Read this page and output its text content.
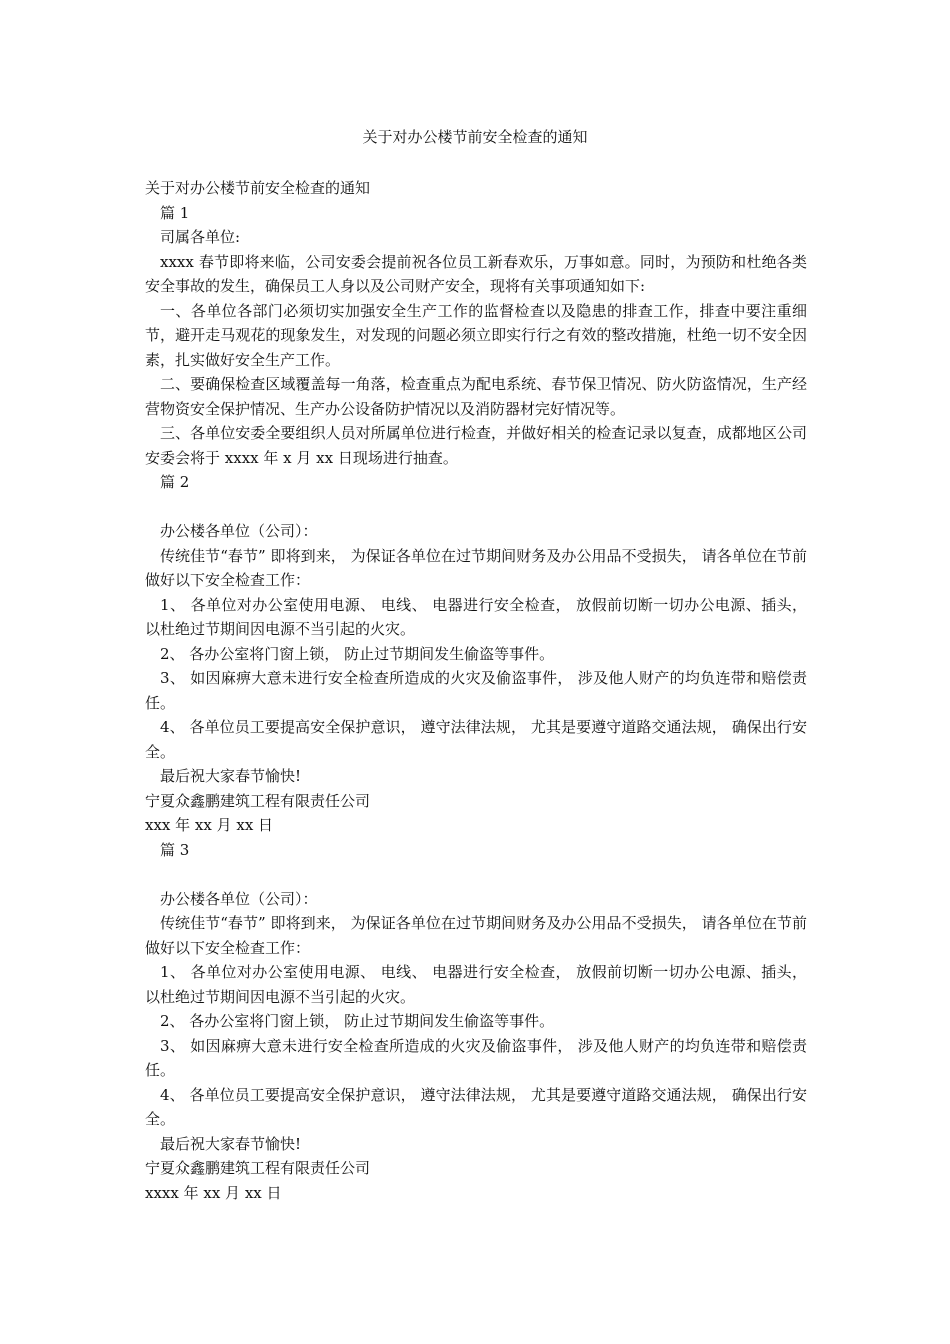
关于对办公楼节前安全检查的通知

关于对办公楼节前安全检查的通知

篇 1

司属各单位:

xxxx 春节即将来临，公司安委会提前祝各位员工新春欢乐，万事如意。同时，为预防和杜绝各类安全事故的发生，确保员工人身以及公司财产安全，现将有关事项通知如下:

一、各单位各部门必须切实加强安全生产工作的监督检查以及隐患的排查工作，排查中要注重细节，避开走马观花的现象发生，对发现的问题必须立即实行行之有效的整改措施，杜绝一切不安全因素，扎实做好安全生产工作。

二、要确保检查区域覆盖每一角落，检查重点为配电系统、春节保卫情况、防火防盗情况，生产经营物资安全保护情况、生产办公设备防护情况以及消防器材完好情况等。

三、各单位安委全要组织人员对所属单位进行检查，并做好相关的检查记录以复查，成都地区公司安委会将于 xxxx 年 x 月 xx 日现场进行抽查。

篇 2

办公楼各单位（公司）：

传统佳节“春节” 即将到来， 为保证各单位在过节期间财务及办公用品不受损失， 请各单位在节前做好以下安全检查工作：

1、 各单位对办公室使用电源、 电线、 电器进行安全检查， 放假前切断一切办公电源、插头， 以杜绝过节期间因电源不当引起的火灾。

2、 各办公室将门窗上锁， 防止过节期间发生偷盗等事件。

3、 如因麻痹大意未进行安全检查所造成的火灾及偷盗事件， 涉及他人财产的均负连带和赔偿责任。

4、 各单位员工要提高安全保护意识， 遵守法律法规， 尤其是要遵守道路交通法规， 确保出行安全。

最后祝大家春节愉快!

宁夏众鑫鹏建筑工程有限责任公司

xxx 年 xx 月 xx 日

篇 3

办公楼各单位（公司）：

传统佳节“春节” 即将到来， 为保证各单位在过节期间财务及办公用品不受损失， 请各单位在节前做好以下安全检查工作：

1、 各单位对办公室使用电源、 电线、 电器进行安全检查， 放假前切断一切办公电源、插头， 以杜绝过节期间因电源不当引起的火灾。

2、 各办公室将门窗上锁， 防止过节期间发生偷盗等事件。

3、 如因麻痹大意未进行安全检查所造成的火灾及偷盗事件， 涉及他人财产的均负连带和赔偿责任。

4、 各单位员工要提高安全保护意识， 遵守法律法规， 尤其是要遵守道路交通法规， 确保出行安全。

最后祝大家春节愉快!

宁夏众鑫鹏建筑工程有限责任公司

xxxx 年 xx 月 xx 日
